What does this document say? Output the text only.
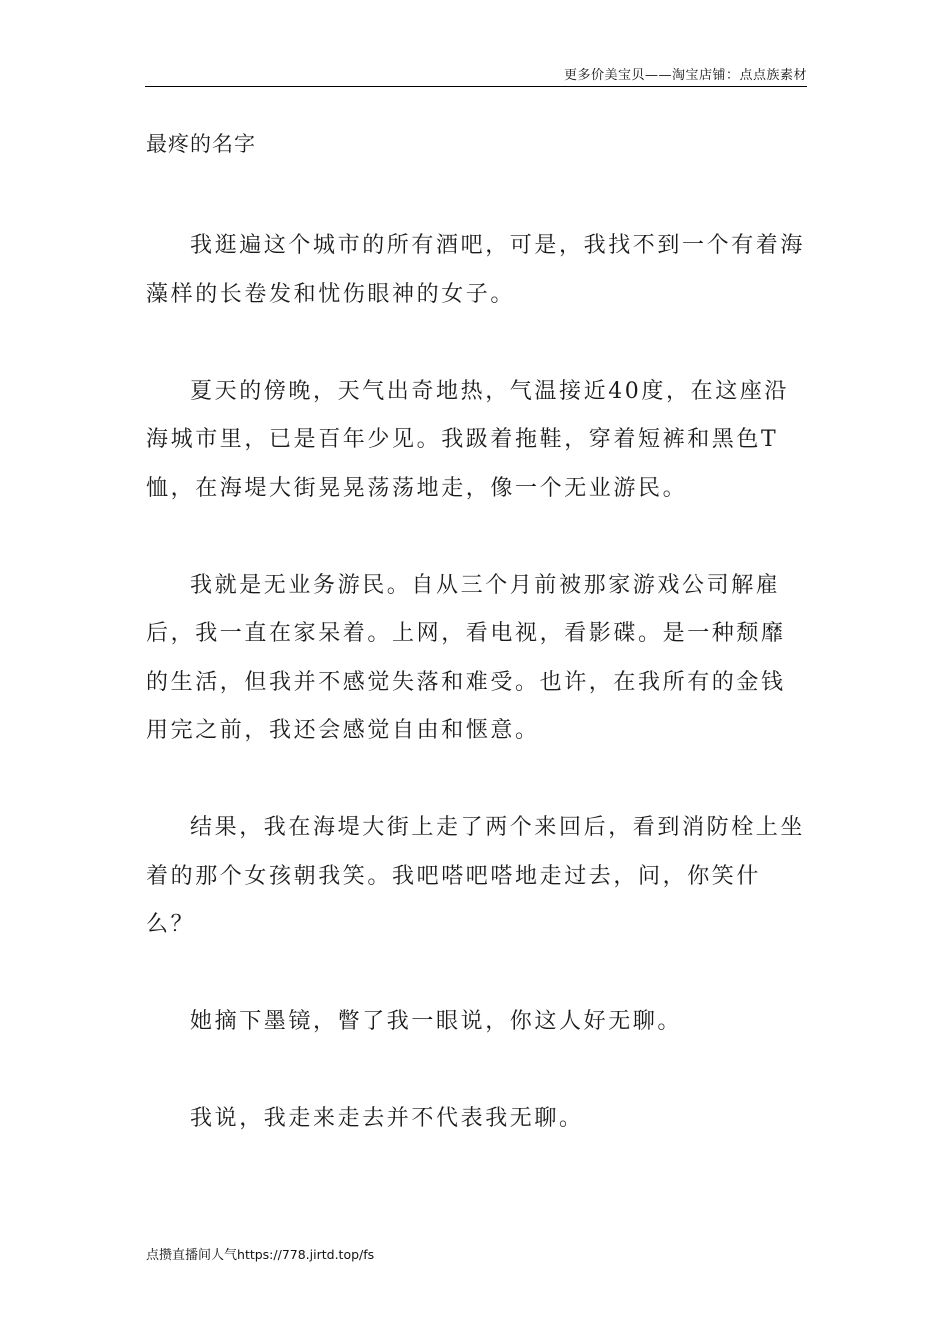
更多价美宝贝——淘宝店铺：点点族素材
最疼的名字

我逛遍这个城市的所有酒吧，可是，我找不到一个有着海藻样的长卷发和忧伤眼神的女子。

夏天的傍晚，天气出奇地热，气温接近40度，在这座沿海城市里，已是百年少见。我趿着拖鞋，穿着短裤和黑色T恤，在海堤大街晃晃荡荡地走，像一个无业游民。

我就是无业务游民。自从三个月前被那家游戏公司解雇后，我一直在家呆着。上网，看电视，看影碟。是一种颓靡的生活，但我并不感觉失落和难受。也许，在我所有的金钱用完之前，我还会感觉自由和惬意。

结果，我在海堤大街上走了两个来回后，看到消防栓上坐着的那个女孩朝我笑。我吧嗒吧嗒地走过去，问，你笑什么？

她摘下墨镜，瞥了我一眼说，你这人好无聊。

我说，我走来走去并不代表我无聊。

点攒直播间人气https://778.jirtd.top/fs
